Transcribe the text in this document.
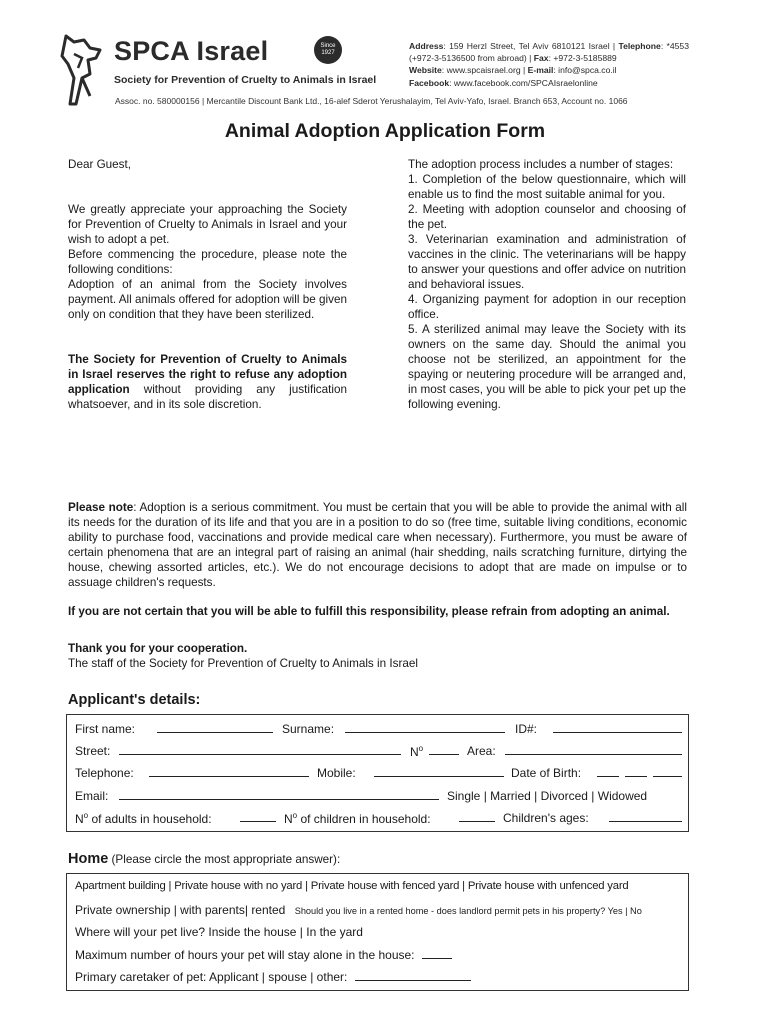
SPCA Israel	Since
1927
Society for Prevention of Cruelty to Animals in Israel
Address: 159 Herzl Street, Tel Aviv 6810121 Israel | Telephone: *4553 (+972-3-5136500 from abroad) | Fax: +972-3-5185889
Website: www.spcaisrael.org | E-mail: info@spca.co.il
Facebook: www.facebook.com/SPCAIsraelonline
Assoc. no. 580000156 | Mercantile Discount Bank Ltd., 16-alef Sderot Yerushalayim, Tel Aviv-Yafo, Israel. Branch 653, Account no. 1066
Animal Adoption Application Form
Dear Guest,
We greatly appreciate your approaching the Society for Prevention of Cruelty to Animals in Israel and your wish to adopt a pet.
Before commencing the procedure, please note the following conditions:
Adoption of an animal from the Society involves payment. All animals offered for adoption will be given only on condition that they have been sterilized.
The Society for Prevention of Cruelty to Animals in Israel reserves the right to refuse any adoption application without providing any justification whatsoever, and in its sole discretion.
The adoption process includes a number of stages:
1. Completion of the below questionnaire, which will enable us to find the most suitable animal for you.
2. Meeting with adoption counselor and choosing of the pet.
3. Veterinarian examination and administration of vaccines in the clinic. The veterinarians will be happy to answer your questions and offer advice on nutrition and behavioral issues.
4. Organizing payment for adoption in our reception office.
5. A sterilized animal may leave the Society with its owners on the same day. Should the animal you choose not be sterilized, an appointment for the spaying or neutering procedure will be arranged and, in most cases, you will be able to pick your pet up the following evening.
Please note: Adoption is a serious commitment. You must be certain that you will be able to provide the animal with all its needs for the duration of its life and that you are in a position to do so (free time, suitable living conditions, economic ability to purchase food, vaccinations and provide medical care when necessary). Furthermore, you must be aware of certain phenomena that are an integral part of raising an animal (hair shedding, nails scratching furniture, dirtying the house, chewing assorted articles, etc.). We do not encourage decisions to adopt that are made on impulse or to assuage children's requests.
If you are not certain that you will be able to fulfill this responsibility, please refrain from adopting an animal.
Thank you for your cooperation.
The staff of the Society for Prevention of Cruelty to Animals in Israel
Applicant's details:
First name:	Surname:	ID#:
Street:	$N^o$	Area:
Telephone:	Mobile:	Date of Birth:
Email:	Single | Married | Divorced | Widowed
$N^o$ of adults in household:	$N^o$ of children in household:	Children's ages:
Home (Please circle the most appropriate answer):
Apartment building | Private house with no yard | Private house with fenced yard | Private house with unfenced yard
Private ownership | with parents| rented Should you live in a rented home - does landlord permit pets in his property? Yes | No
Where will your pet live? Inside the house | In the yard
Maximum number of hours your pet will stay alone in the house:
Primary caretaker of pet: Applicant | spouse | other:
